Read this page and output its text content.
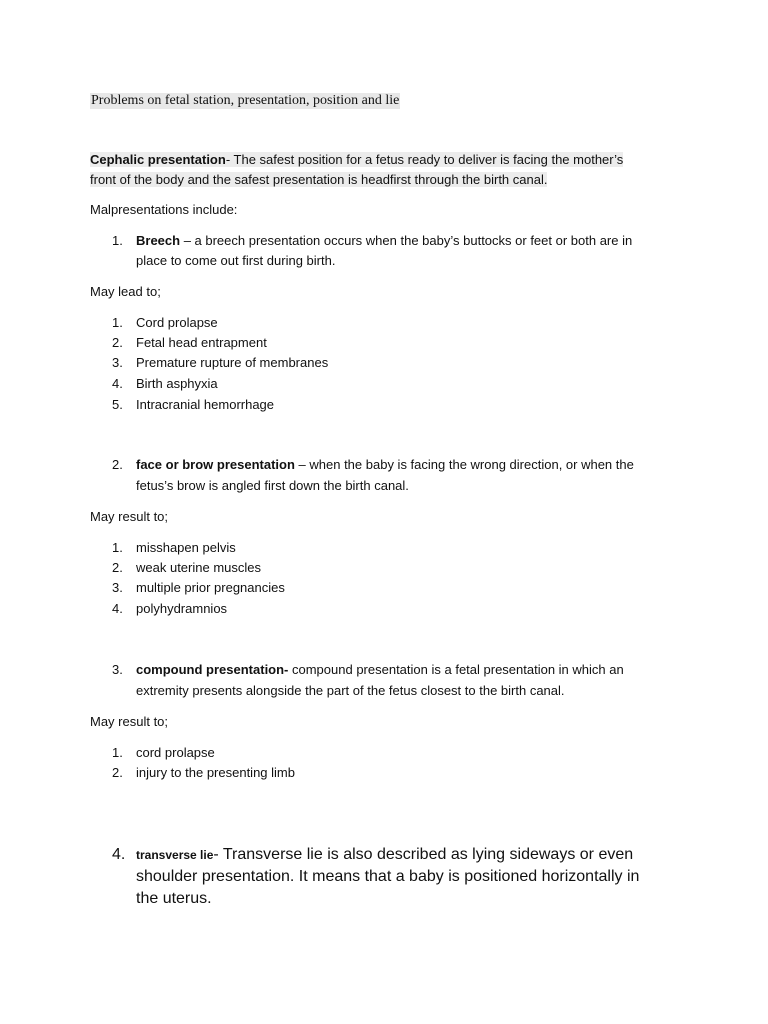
Problems on fetal station, presentation, position and lie
Cephalic presentation- The safest position for a fetus ready to deliver is facing the mother’s
front of the body and the safest presentation is headfirst through the birth canal.
Malpresentations include:
1. Breech – a breech presentation occurs when the baby’s buttocks or feet or both are in
place to come out first during birth.
May lead to;
1. Cord prolapse
2. Fetal head entrapment
3. Premature rupture of membranes
4. Birth asphyxia
5. Intracranial hemorrhage
2. face or brow presentation – when the baby is facing the wrong direction, or when the
fetus’s brow is angled first down the birth canal.
May result to;
1. misshapen pelvis
2. weak uterine muscles
3. multiple prior pregnancies
4. polyhydramnios
3. compound presentation- compound presentation is a fetal presentation in which an
extremity presents alongside the part of the fetus closest to the birth canal.
May result to;
1. cord prolapse
2. injury to the presenting limb
4. transverse lie- Transverse lie is also described as lying sideways or even
shoulder presentation. It means that a baby is positioned horizontally in
the uterus.
